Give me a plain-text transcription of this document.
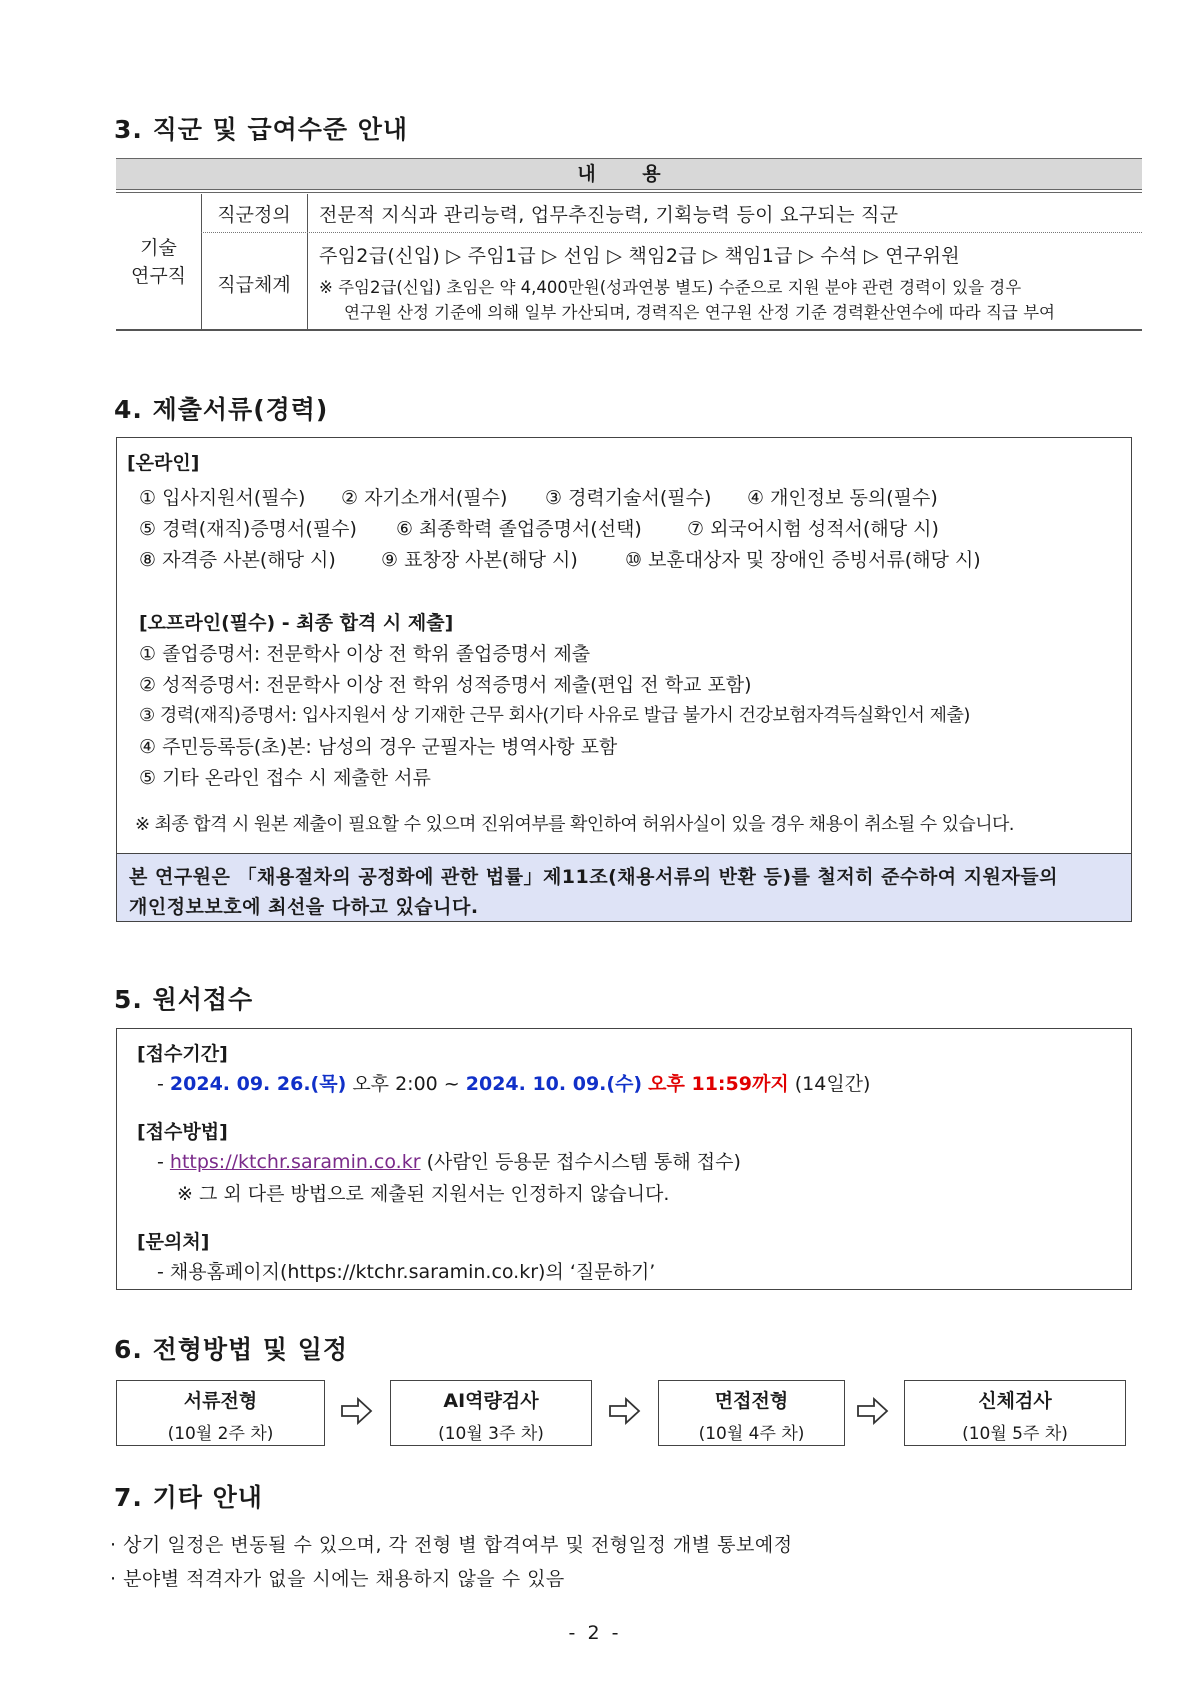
3. 직군 및 급여수준 안내
내 용
기술
연구직
직군정의	전문적 지식과 관리능력, 업무추진능력, 기획능력 등이 요구되는 직군
직급체계
주임2급(신입) ▷ 주임1급 ▷ 선임 ▷ 책임2급 ▷ 책임1급 ▷ 수석 ▷ 연구위원
※ 주임2급(신입) 초임은 약 4,400만원(성과연봉 별도) 수준으로 지원 분야 관련 경력이 있을 경우
연구원 산정 기준에 의해 일부 가산되며, 경력직은 연구원 산정 기준 경력환산연수에 따라 직급 부여
4. 제출서류(경력)
[온라인]
① 입사지원서(필수) ② 자기소개서(필수) ③ 경력기술서(필수) ④ 개인정보 동의(필수)
⑤ 경력(재직)증명서(필수) ⑥ 최종학력 졸업증명서(선택) ⑦ 외국어시험 성적서(해당 시)
⑧ 자격증 사본(해당 시) ⑨ 표창장 사본(해당 시) ⑩ 보훈대상자 및 장애인 증빙서류(해당 시)
[오프라인(필수) - 최종 합격 시 제출]
① 졸업증명서: 전문학사 이상 전 학위 졸업증명서 제출
② 성적증명서: 전문학사 이상 전 학위 성적증명서 제출(편입 전 학교 포함)
③ 경력(재직)증명서: 입사지원서 상 기재한 근무 회사(기타 사유로 발급 불가시 건강보험자격득실확인서 제출)
④ 주민등록등(초)본: 남성의 경우 군필자는 병역사항 포함
⑤ 기타 온라인 접수 시 제출한 서류
※ 최종 합격 시 원본 제출이 필요할 수 있으며 진위여부를 확인하여 허위사실이 있을 경우 채용이 취소될 수 있습니다.
본 연구원은 「채용절차의 공정화에 관한 법률」제11조(채용서류의 반환 등)를 철저히 준수하여 지원자들의
개인정보보호에 최선을 다하고 있습니다.
5. 원서접수
[접수기간]
- 2024. 09. 26.(목) 오후 2:00 ~ 2024. 10. 09.(수) 오후 11:59까지 (14일간)
[접수방법]
- https://ktchr.saramin.co.kr (사람인 등용문 접수시스템 통해 접수)
※ 그 외 다른 방법으로 제출된 지원서는 인정하지 않습니다.
[문의처]
- 채용홈페이지(https://ktchr.saramin.co.kr)의 ‘질문하기’
6. 전형방법 및 일정
서류전형
(10월 2주 차)
AI역량검사
(10월 3주 차)
면접전형
(10월 4주 차)
신체검사
(10월 5주 차)
7. 기타 안내
· 상기 일정은 변동될 수 있으며, 각 전형 별 합격여부 및 전형일정 개별 통보예정
· 분야별 적격자가 없을 시에는 채용하지 않을 수 있음
- 2 -
